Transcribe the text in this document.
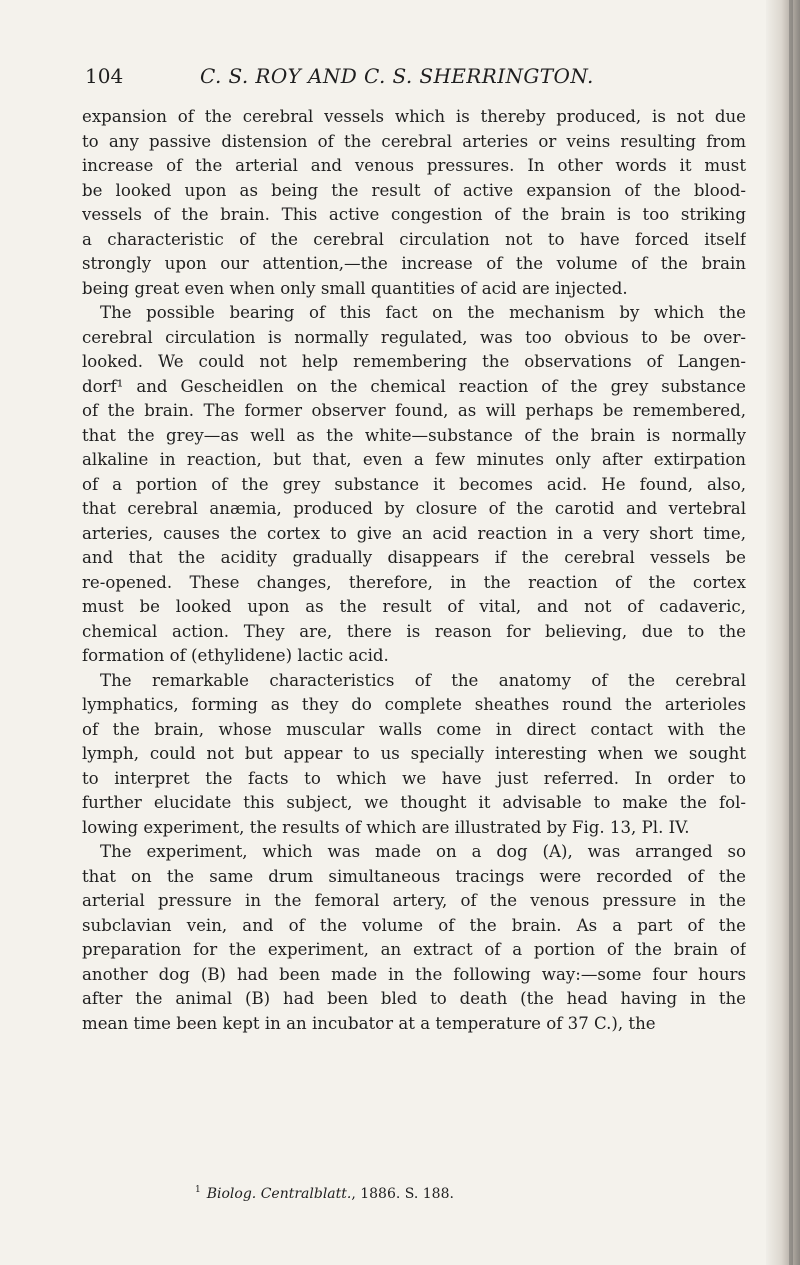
104	C. S. ROY AND C. S. SHERRINGTON.
expansion of the cerebral vessels which is thereby produced, is not due
to any passive distension of the cerebral arteries or veins resulting from
increase of the arterial and venous pressures. In other words it must
be looked upon as being the result of active expansion of the blood-
vessels of the brain. This active congestion of the brain is too striking
a characteristic of the cerebral circulation not to have forced itself
strongly upon our attention,—the increase of the volume of the brain
being great even when only small quantities of acid are injected.
The possible bearing of this fact on the mechanism by which the
cerebral circulation is normally regulated, was too obvious to be over-
looked. We could not help remembering the observations of Langen-
dorf¹ and Gescheidlen on the chemical reaction of the grey substance
of the brain. The former observer found, as will perhaps be remembered,
that the grey—as well as the white—substance of the brain is normally
alkaline in reaction, but that, even a few minutes only after extirpation
of a portion of the grey substance it becomes acid. He found, also,
that cerebral anæmia, produced by closure of the carotid and vertebral
arteries, causes the cortex to give an acid reaction in a very short time,
and that the acidity gradually disappears if the cerebral vessels be
re-opened. These changes, therefore, in the reaction of the cortex
must be looked upon as the result of vital, and not of cadaveric,
chemical action. They are, there is reason for believing, due to the
formation of (ethylidene) lactic acid.
The remarkable characteristics of the anatomy of the cerebral
lymphatics, forming as they do complete sheathes round the arterioles
of the brain, whose muscular walls come in direct contact with the
lymph, could not but appear to us specially interesting when we sought
to interpret the facts to which we have just referred. In order to
further elucidate this subject, we thought it advisable to make the fol-
lowing experiment, the results of which are illustrated by Fig. 13, Pl. IV.
The experiment, which was made on a dog (A), was arranged so
that on the same drum simultaneous tracings were recorded of the
arterial pressure in the femoral artery, of the venous pressure in the
subclavian vein, and of the volume of the brain. As a part of the
preparation for the experiment, an extract of a portion of the brain of
another dog (B) had been made in the following way:—some four hours
after the animal (B) had been bled to death (the head having in the
mean time been kept in an incubator at a temperature of 37 C.), the
$^1$ Biolog. Centralblatt., 1886. S. 188.
